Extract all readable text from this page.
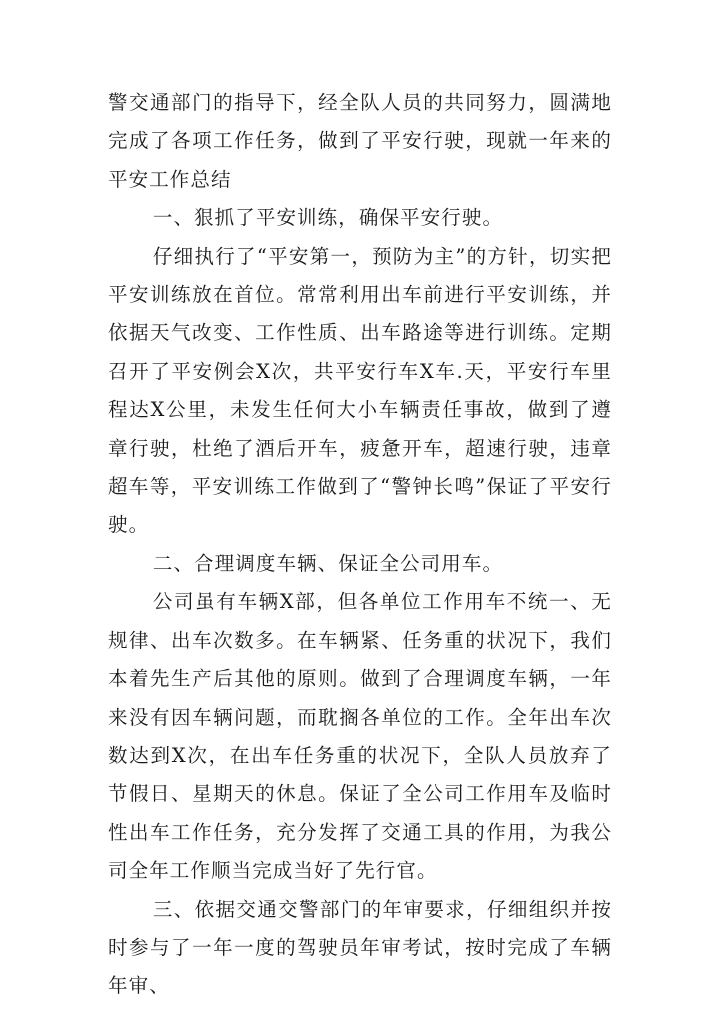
警交通部门的指导下，经全队人员的共同努力，圆满地完成了各项工作任务，做到了平安行驶，现就一年来的平安工作总结

一、狠抓了平安训练，确保平安行驶。

仔细执行了“平安第一，预防为主”的方针，切实把平安训练放在首位。常常利用出车前进行平安训练，并依据天气改变、工作性质、出车路途等进行训练。定期召开了平安例会X次，共平安行车X车.天，平安行车里程达X公里，未发生任何大小车辆责任事故，做到了遵章行驶，杜绝了酒后开车，疲惫开车，超速行驶，违章超车等，平安训练工作做到了“警钟长鸣”保证了平安行驶。

二、合理调度车辆、保证全公司用车。

公司虽有车辆X部，但各单位工作用车不统一、无规律、出车次数多。在车辆紧、任务重的状况下，我们本着先生产后其他的原则。做到了合理调度车辆，一年来没有因车辆问题，而耽搁各单位的工作。全年出车次数达到X次，在出车任务重的状况下，全队人员放弃了节假日、星期天的休息。保证了全公司工作用车及临时性出车工作任务，充分发挥了交通工具的作用，为我公司全年工作顺当完成当好了先行官。

三、依据交通交警部门的年审要求，仔细组织并按时参与了一年一度的驾驶员年审考试，按时完成了车辆年审、
